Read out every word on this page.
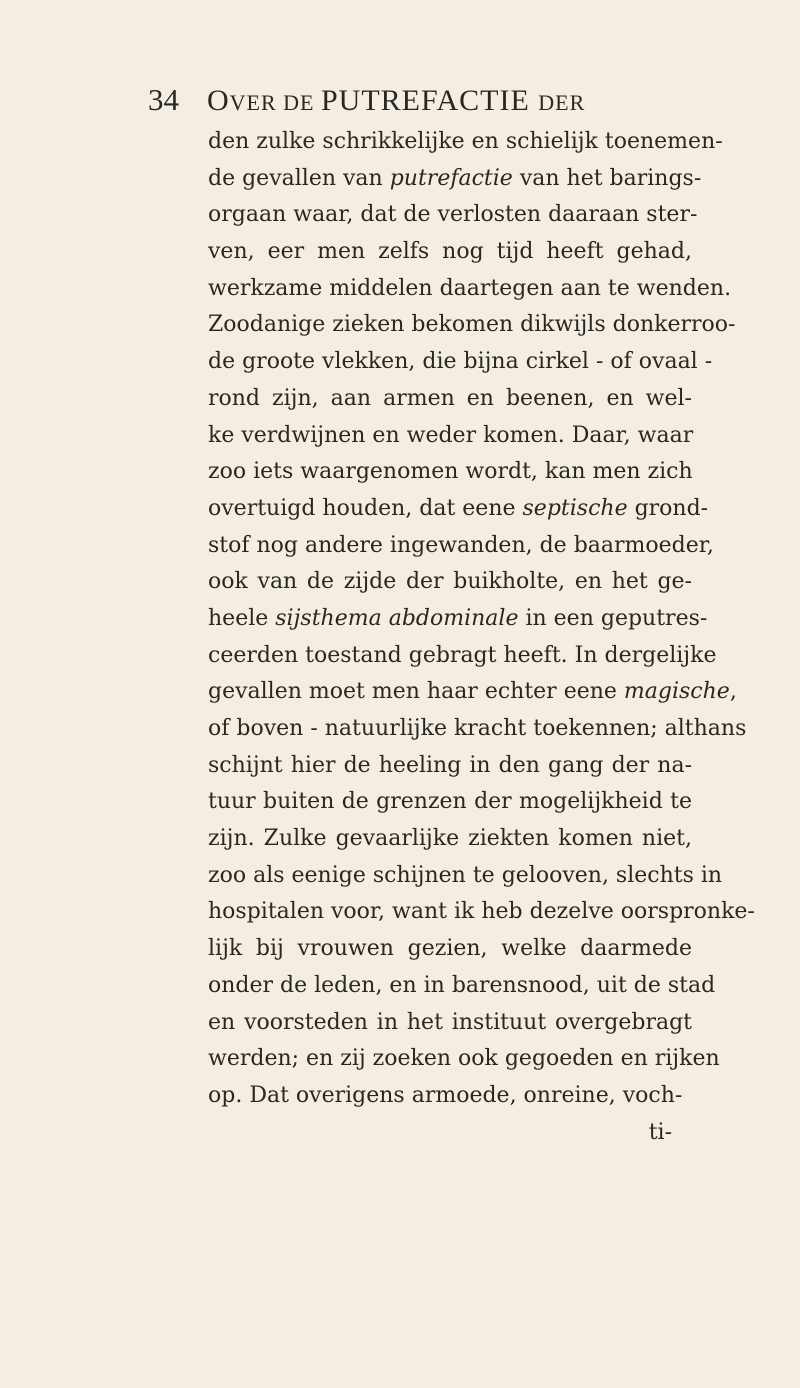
34 OVER DE PUTREFACTIE DER
den zulke schrikkelijke en schielijk toenemen-
de gevallen van putrefactie van het barings-
orgaan waar, dat de verlosten daaraan ster-
ven, eer men zelfs nog tijd heeft gehad,
werkzame middelen daartegen aan te wenden.
Zoodanige zieken bekomen dikwijls donkerroo-
de groote vlekken, die bijna cirkel - of ovaal -
rond zijn, aan armen en beenen, en wel-
ke verdwijnen en weder komen. Daar, waar
zoo iets waargenomen wordt, kan men zich
overtuigd houden, dat eene septische grond-
stof nog andere ingewanden, de baarmoeder,
ook van de zijde der buikholte, en het ge-
heele sijsthema abdominale in een geputres-
ceerden toestand gebragt heeft. In dergelijke
gevallen moet men haar echter eene magische,
of boven - natuurlijke kracht toekennen; althans
schijnt hier de heeling in den gang der na-
tuur buiten de grenzen der mogelijkheid te
zijn. Zulke gevaarlijke ziekten komen niet,
zoo als eenige schijnen te gelooven, slechts in
hospitalen voor, want ik heb dezelve oorspronke-
lijk bij vrouwen gezien, welke daarmede
onder de leden, en in barensnood, uit de stad
en voorsteden in het instituut overgebragt
werden; en zij zoeken ook gegoeden en rijken
op. Dat overigens armoede, onreine, voch-
ti-
